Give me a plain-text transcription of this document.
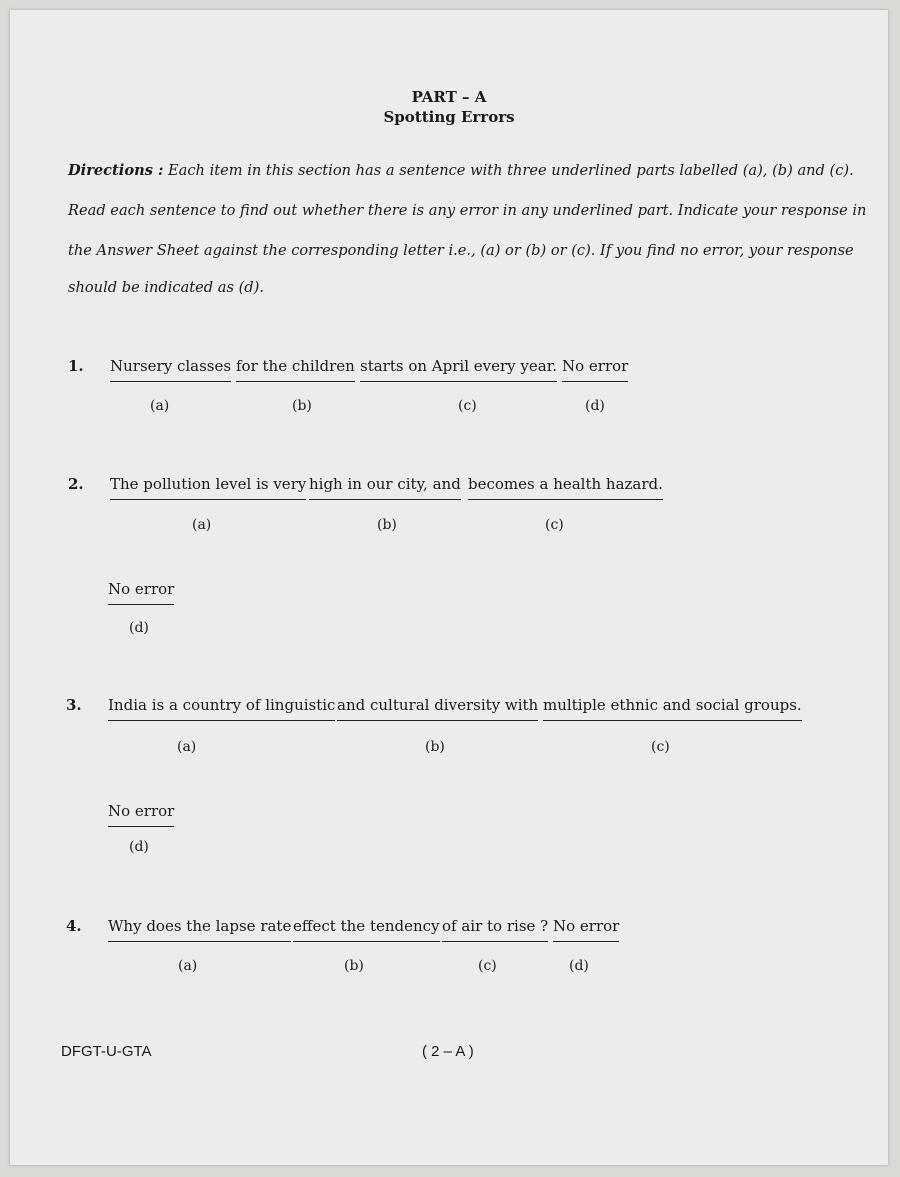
PART – A
Spotting Errors
Directions : Each item in this section has a sentence with three underlined parts labelled (a), (b) and (c).
Read each sentence to find out whether there is any error in any underlined part. Indicate your response in
the Answer Sheet against the corresponding letter i.e., (a) or (b) or (c). If you find no error, your response
should be indicated as (d).
1. Nursery classes for the children starts on April every year. No error
(a)	(b)	(c)	(d)
2. The pollution level is very high in our city, and becomes a health hazard.
(a)	(b)	(c)
No error
(d)
3. India is a country of linguistic and cultural diversity with multiple ethnic and social groups.
(a)	(b)	(c)
No error
(d)
4. Why does the lapse rate effect the tendency of air to rise ? No error
(a)	(b)	(c)	(d)
DFGT-U-GTA	( 2 – A )
